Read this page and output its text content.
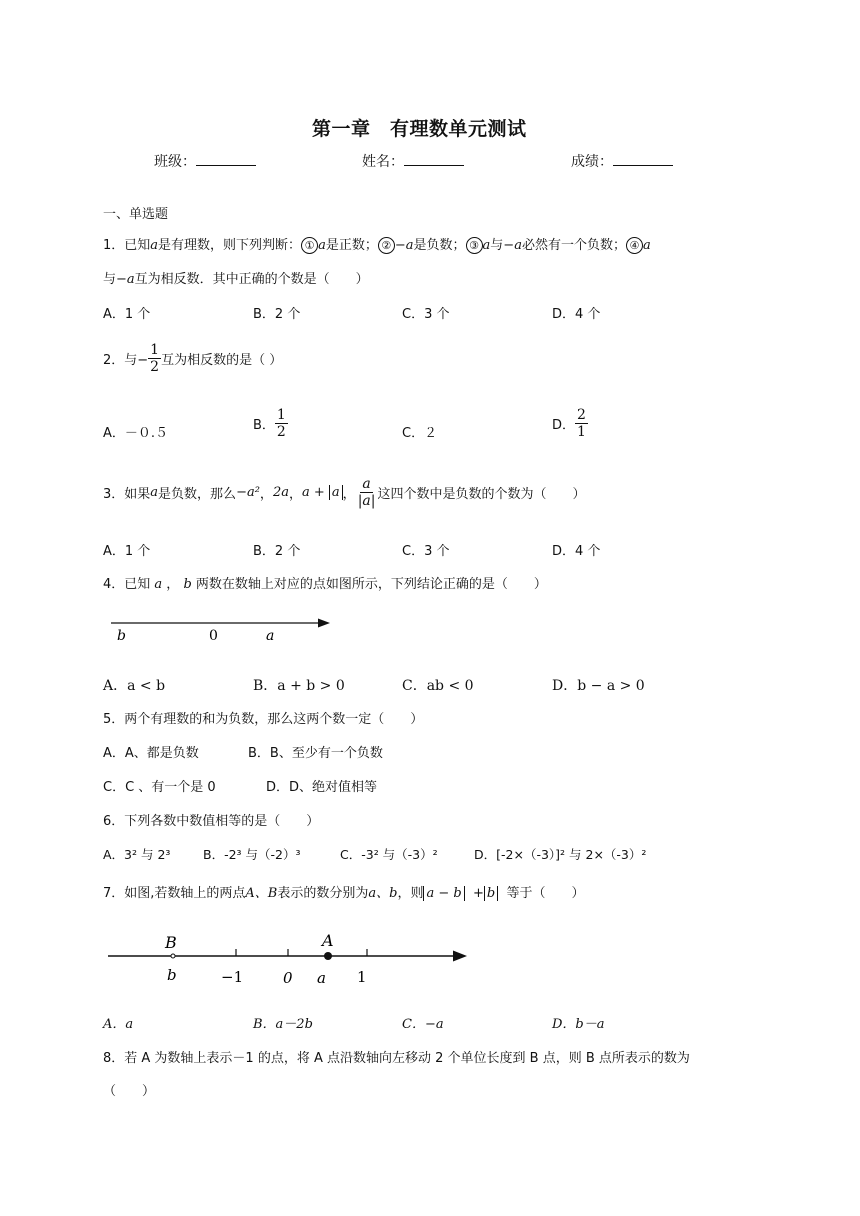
第一章　有理数单元测试
班级：	姓名：	成绩：
一、单选题
1．已知a是有理数，则下列判断： ① a是正数； ② −a是负数； ③ a与−a必然有一个负数； ④ a
与−a互为相反数．其中正确的个数是（　　）
A．1 个	B．2 个	C．3 个	D．4 个
2．与− $\frac{1}{2}$ 互为相反数的是（ ）
A．－０.５
B． $\frac{1}{2}$	C．２
D． $\frac{2}{1}$
3．如果a是负数，那么−a²，2a，a + a ， $\frac{a}{|a|}$ 这四个数中是负数的个数为（　　）
A．1 个	B．2 个	C．3 个	D．4 个
4．已知 a ， b 两数在数轴上对应的点如图所示，下列结论正确的是（　　）
b	0	a
A．a < b	B．a + b > 0	C．ab < 0	D．b − a > 0
5．两个有理数的和为负数，那么这两个数一定（　　）
A．A、都是负数	B．B、至少有一个负数
C．C 、有一个是 0	D．D、绝对值相等
6．下列各数中数值相等的是（　　）
A．3² 与 2³	B．-2³ 与（-2）³	C．-3² 与（-3）²	D．[-2×（-3）]² 与 2×（-3）²
7．如图,若数轴上的两点A、B表示的数分别为a、b，则 a − b + b 等于（　　）
B	A
b	−1	0 a 1
A．a	B．a－2b	C．−a	D．b－a
8．若 A 为数轴上表示－1 的点，将 A 点沿数轴向左移动 2 个单位长度到 B 点，则 B 点所表示的数为
（　　）
